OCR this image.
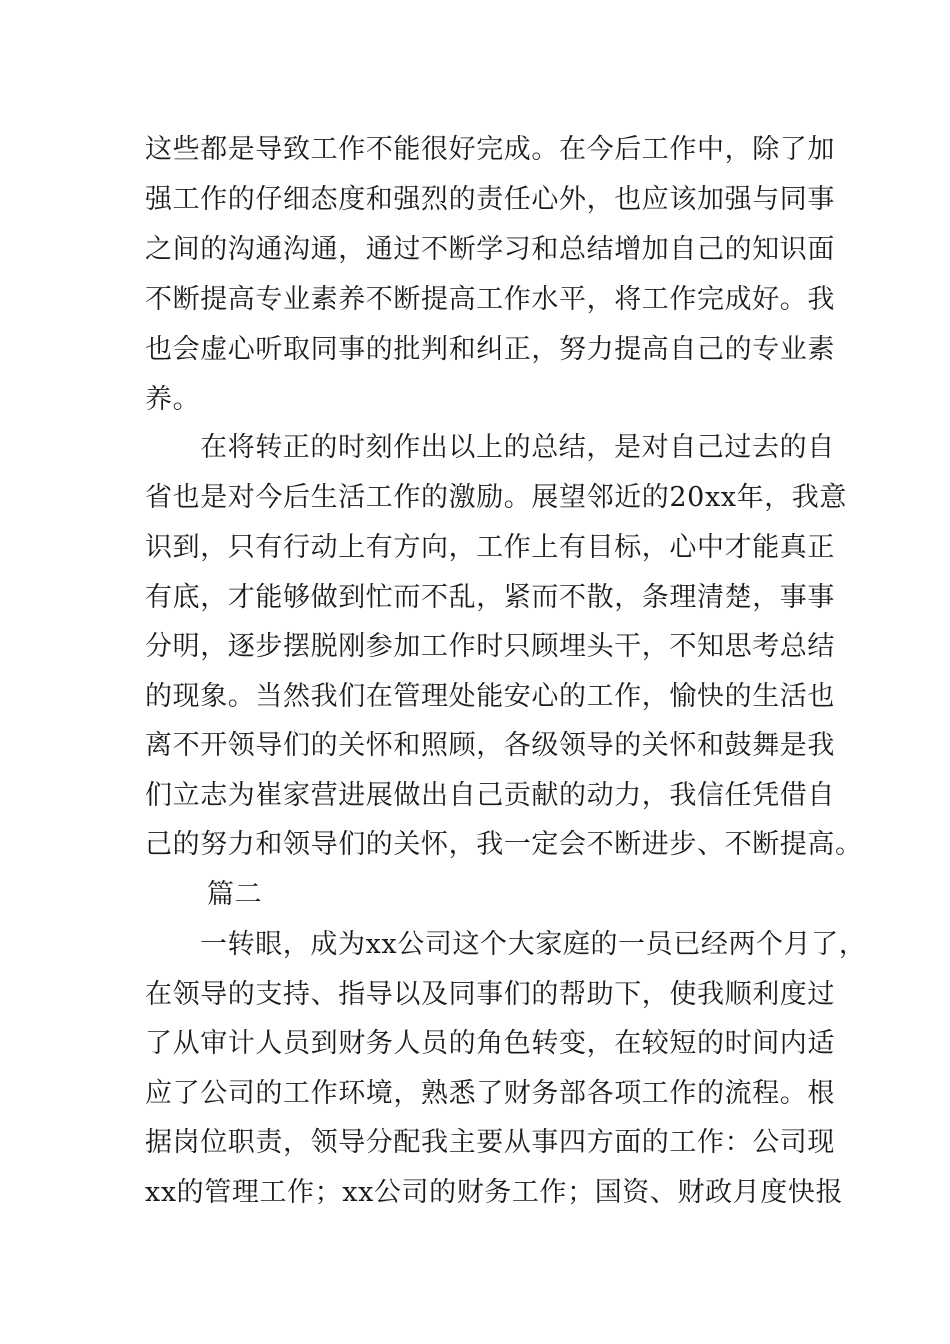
这些都是导致工作不能很好完成。在今后工作中，除了加
强工作的仔细态度和强烈的责任心外，也应该加强与同事
之间的沟通沟通，通过不断学习和总结增加自己的知识面
不断提高专业素养不断提高工作水平，将工作完成好。我
也会虚心听取同事的批判和纠正，努力提高自己的专业素
养。
在将转正的时刻作出以上的总结，是对自己过去的自
省也是对今后生活工作的激励。展望邻近的20xx年，我意
识到，只有行动上有方向，工作上有目标，心中才能真正
有底，才能够做到忙而不乱，紧而不散，条理清楚，事事
分明，逐步摆脱刚参加工作时只顾埋头干，不知思考总结
的现象。当然我们在管理处能安心的工作，愉快的生活也
离不开领导们的关怀和照顾，各级领导的关怀和鼓舞是我
们立志为崔家营进展做出自己贡献的动力，我信任凭借自
己的努力和领导们的关怀，我一定会不断进步、不断提高。
篇二
一转眼，成为xx公司这个大家庭的一员已经两个月了，
在领导的支持、指导以及同事们的帮助下，使我顺利度过
了从审计人员到财务人员的角色转变，在较短的时间内适
应了公司的工作环境，熟悉了财务部各项工作的流程。根
据岗位职责，领导分配我主要从事四方面的工作：公司现
xx的管理工作；xx公司的财务工作；国资、财政月度快报
